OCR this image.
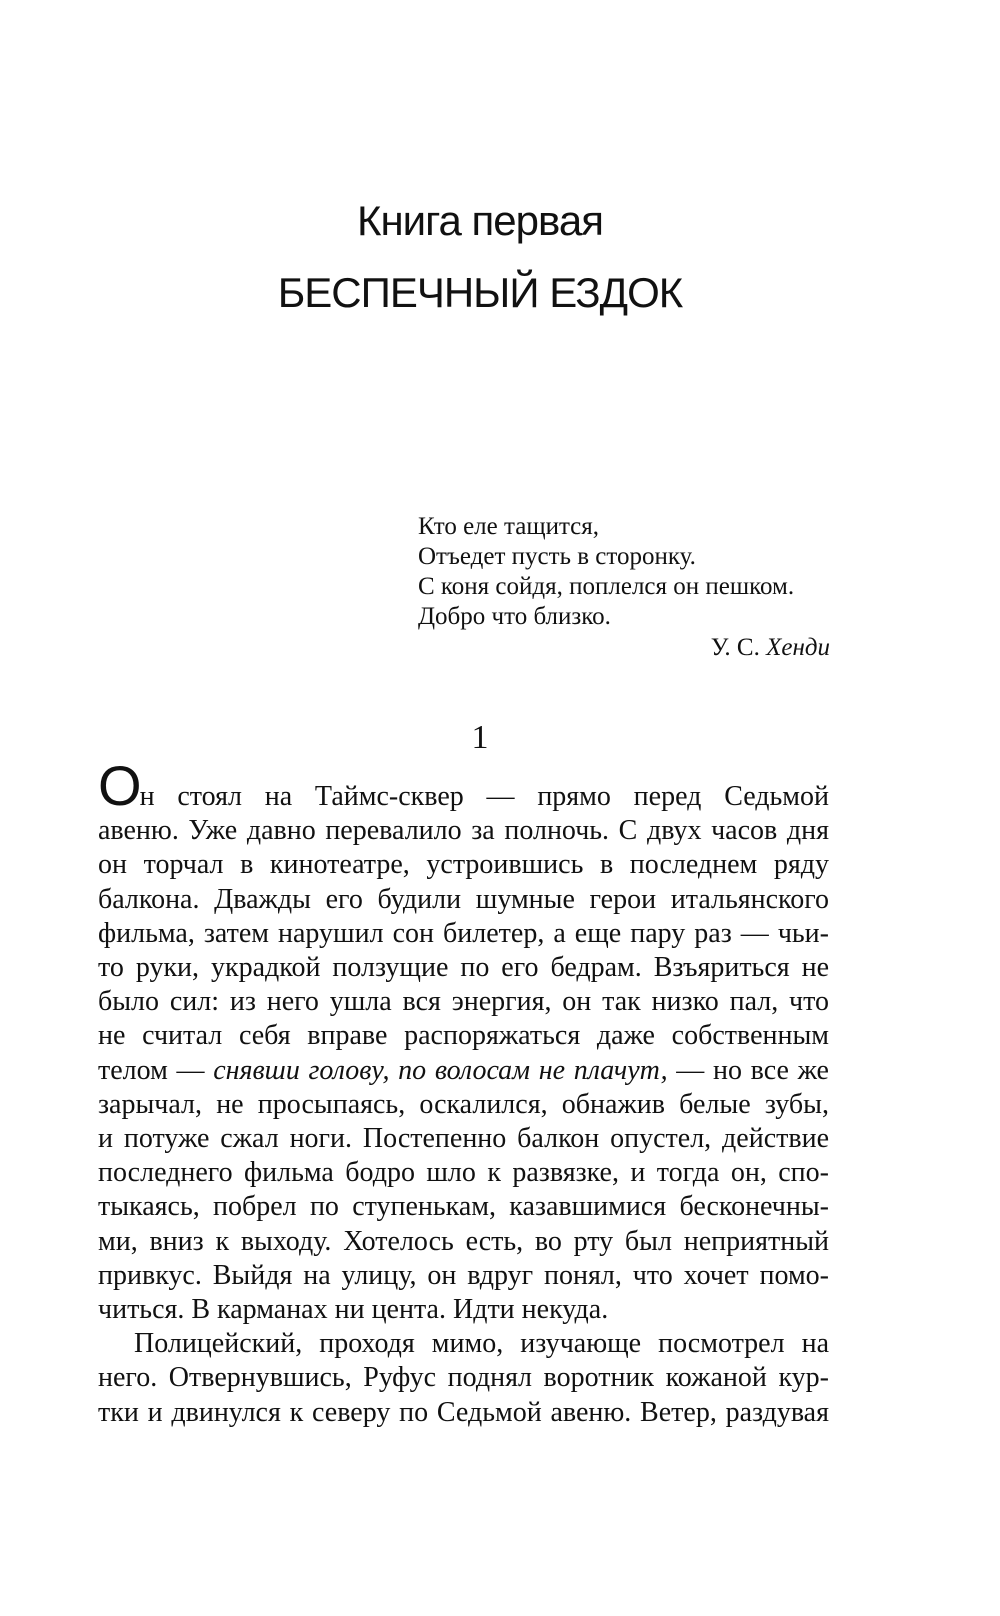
Книга первая
БЕСПЕЧНЫЙ ЕЗДОК
Кто еле тащится,
Отъедет пусть в сторонку.
С коня сойдя, поплелся он пешком.
Добро что близко.
У. С. Хенди
1
Он стоял на Таймс-сквер — прямо перед Седьмой
авеню. Уже давно перевалило за полночь. С двух часов дня
он торчал в кинотеатре, устроившись в последнем ряду
балкона. Дважды его будили шумные герои итальянского
фильма, затем нарушил сон билетер, а еще пару раз — чьи-
то руки, украдкой ползущие по его бедрам. Взъяриться не
было сил: из него ушла вся энергия, он так низко пал, что
не считал себя вправе распоряжаться даже собственным
телом — снявши голову, по волосам не плачут, — но все же
зарычал, не просыпаясь, оскалился, обнажив белые зубы,
и потуже сжал ноги. Постепенно балкон опустел, действие
последнего фильма бодро шло к развязке, и тогда он, спо-
тыкаясь, побрел по ступенькам, казавшимися бесконечны-
ми, вниз к выходу. Хотелось есть, во рту был неприятный
привкус. Выйдя на улицу, он вдруг понял, что хочет помо-
читься. В карманах ни цента. Идти некуда.
Полицейский, проходя мимо, изучающе посмотрел на
него. Отвернувшись, Руфус поднял воротник кожаной кур-
тки и двинулся к северу по Седьмой авеню. Ветер, раздувая
